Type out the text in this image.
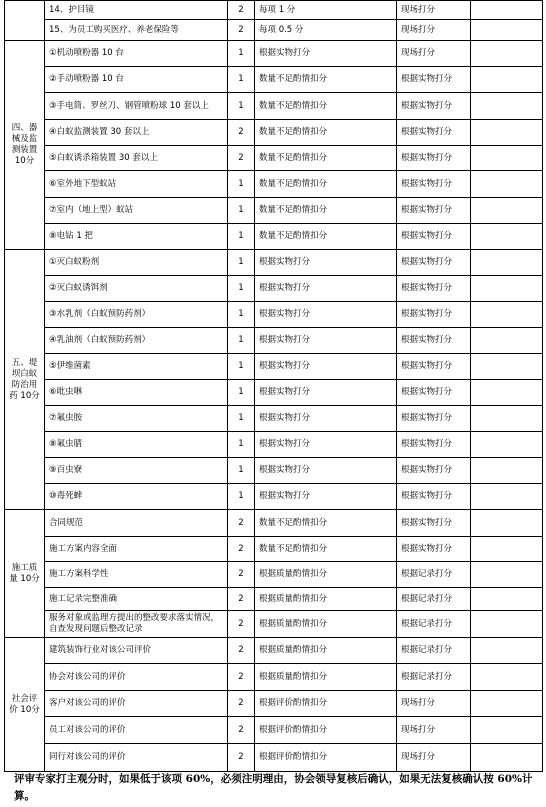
	14、护目镜	2	每项 1 分	现场打分	
	15、为员工购买医疗、养老保险等	2	每项 0.5 分	现场打分	
四、器械及监测装置 10分	①机动喷粉器 10 台	1	根据实物打分	现场打分	
	②手动喷粉器 10 台	1	数量不足酌情扣分	根据实物打分	
	③手电筒、罗丝刀、钢管喷粉球 10 套以上	1	数量不足酌情扣分	根据实物打分	
	④白蚁监测装置 30 套以上	2	数量不足酌情扣分	根据实物打分	
	⑤白蚁诱杀箱装置 30 套以上	2	数量不足酌情扣分	根据实物打分	
	⑥室外地下型蚁站	1	数量不足酌情扣分	根据实物打分	
	⑦室内（地上型）蚁站	1	数量不足酌情扣分	根据实物打分	
	⑧电钻 1 把	1	数量不足酌情扣分	根据实物打分	
五、堤坝白蚁防治用药 10分	①灭白蚁粉剂	1	根据实物打分	根据实物打分	
	②灭白蚁诱饵剂	1	根据实物打分	根据实物打分	
	③水乳剂（白蚁预防药剂）	1	根据实物打分	根据实物打分	
	④乳油剂（白蚁预防药剂）	1	根据实物打分	根据实物打分	
	⑤伊维菌素	1	根据实物打分	根据实物打分	
	⑥吡虫啉	1	根据实物打分	根据实物打分	
	⑦氟虫胺	1	根据实物打分	根据实物打分	
	⑧氟虫腈	1	根据实物打分	根据实物打分	
	⑨百虫寮	1	根据实物打分	根据实物打分	
	⑩毒死蜱	1	根据实物打分	根据实物打分	
施工质量 10分	合同规范	2	数量不足酌情扣分	根据实物打分	
	施工方案内容全面	2	数量不足酌情扣分	根据实物打分	
	施工方案科学性	2	根据质量酌情扣分	根据记录打分	
	施工记录完整准确	2	根据质量酌情扣分	根据记录打分	
	服务对象或监理方提出的整改要求落实情况，自查发现问题后整改记录	2	根据质量酌情扣分	根据记录打分	
社会评价 10分	建筑装饰行业对该公司评价	2	根据质量酌情扣分	根据记录打分	
	协会对该公司的评价	2	根据质量酌情扣分	根据记录打分	
	客户对该公司的评价	2	根据评价酌情扣分	现场打分	
	员工对该公司的评价	2	根据评价酌情扣分	现场打分	
	同行对该公司的评价	2	根据评价酌情扣分	现场打分	
评审专家打主观分时，如果低于该项 60%，必须注明理由，协会领导复核后确认，如果无法复核确认按 60%计算。
